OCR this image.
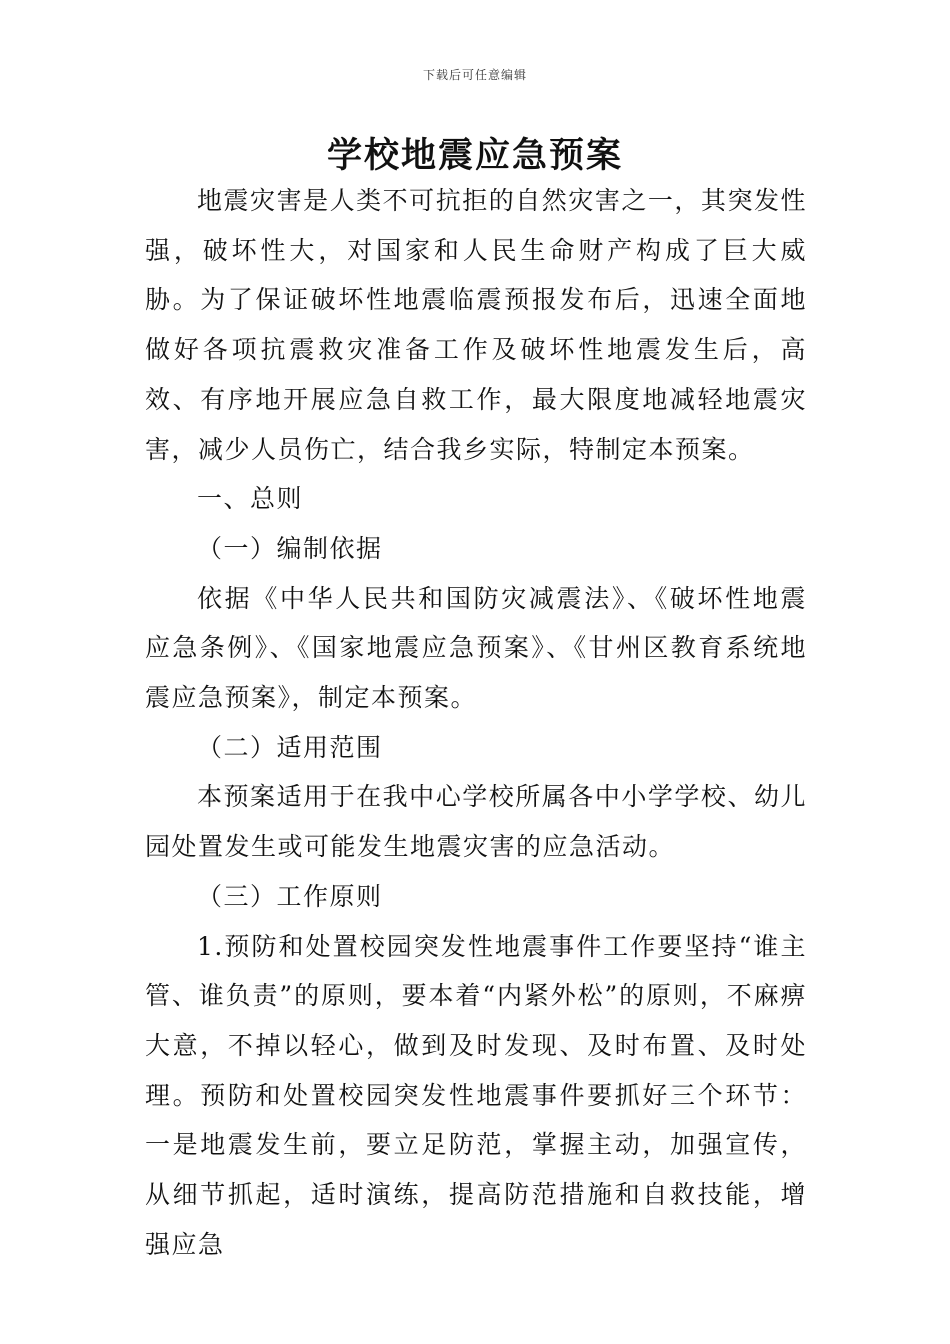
下载后可任意编辑
学校地震应急预案

地震灾害是人类不可抗拒的自然灾害之一，其突发性强，破坏性大，对国家和人民生命财产构成了巨大威胁。为了保证破坏性地震临震预报发布后，迅速全面地做好各项抗震救灾准备工作及破坏性地震发生后，高效、有序地开展应急自救工作，最大限度地减轻地震灾害，减少人员伤亡，结合我乡实际，特制定本预案。

一、总则

（一）编制依据

依据《中华人民共和国防灾减震法》、《破坏性地震应急条例》、《国家地震应急预案》、《甘州区教育系统地震应急预案》，制定本预案。

（二）适用范围

本预案适用于在我中心学校所属各中小学学校、幼儿园处置发生或可能发生地震灾害的应急活动。

（三）工作原则

1.预防和处置校园突发性地震事件工作要坚持“谁主管、谁负责”的原则，要本着“内紧外松”的原则，不麻痹大意，不掉以轻心，做到及时发现、及时布置、及时处理。预防和处置校园突发性地震事件要抓好三个环节：一是地震发生前，要立足防范，掌握主动，加强宣传，从细节抓起，适时演练，提高防范措施和自救技能，增强应急
